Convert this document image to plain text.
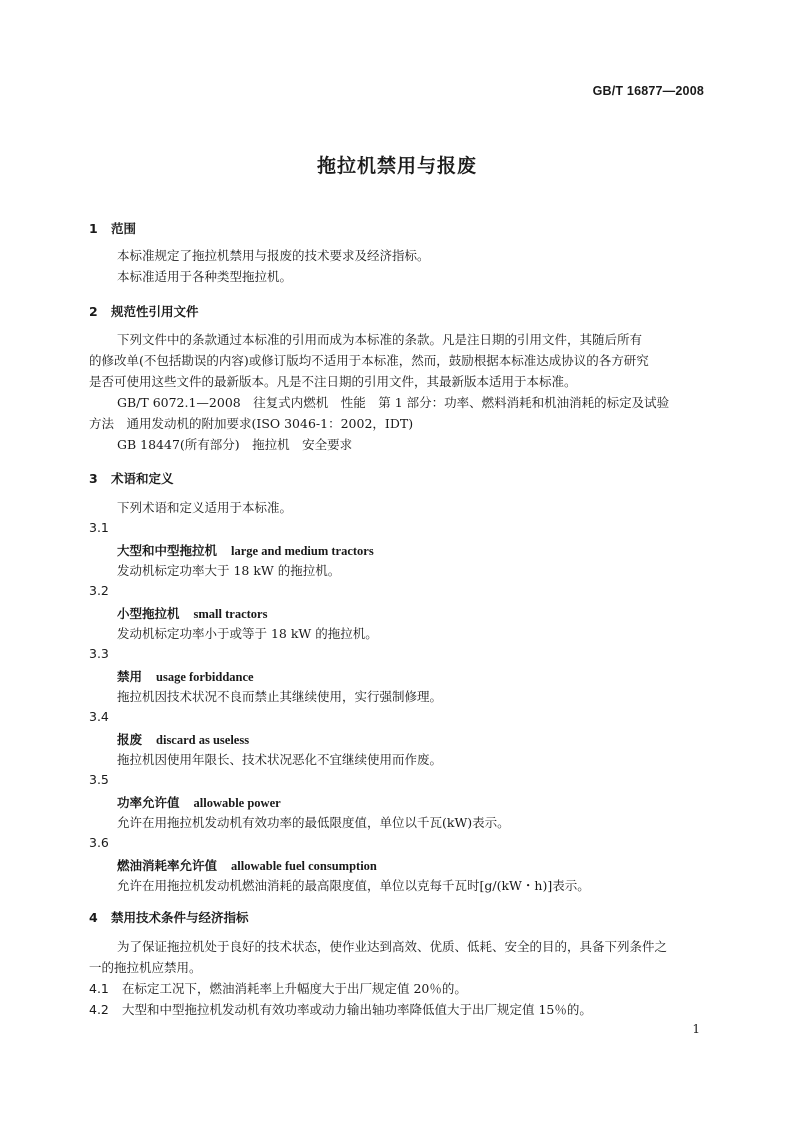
GB/T 16877—2008
拖拉机禁用与报废
1 范围
本标准规定了拖拉机禁用与报废的技术要求及经济指标。
本标准适用于各种类型拖拉机。
2 规范性引用文件
下列文件中的条款通过本标准的引用而成为本标准的条款。凡是注日期的引用文件，其随后所有
的修改单(不包括勘误的内容)或修订版均不适用于本标准，然而，鼓励根据本标准达成协议的各方研究
是否可使用这些文件的最新版本。凡是不注日期的引用文件，其最新版本适用于本标准。
GB/T 6072.1—2008　往复式内燃机　性能　第 1 部分：功率、燃料消耗和机油消耗的标定及试验
方法　通用发动机的附加要求(ISO 3046-1：2002，IDT)
GB 18447(所有部分)　拖拉机　安全要求
3 术语和定义
下列术语和定义适用于本标准。
3.1
大型和中型拖拉机 large and medium tractors
发动机标定功率大于 18 kW 的拖拉机。
3.2
小型拖拉机 small tractors
发动机标定功率小于或等于 18 kW 的拖拉机。
3.3
禁用 usage forbiddance
拖拉机因技术状况不良而禁止其继续使用，实行强制修理。
3.4
报废 discard as useless
拖拉机因使用年限长、技术状况恶化不宜继续使用而作废。
3.5
功率允许值 allowable power
允许在用拖拉机发动机有效功率的最低限度值，单位以千瓦(kW)表示。
3.6
燃油消耗率允许值 allowable fuel consumption
允许在用拖拉机发动机燃油消耗的最高限度值，单位以克每千瓦时[g/(kW・h)]表示。
4 禁用技术条件与经济指标
为了保证拖拉机处于良好的技术状态，使作业达到高效、优质、低耗、安全的目的，具备下列条件之
一的拖拉机应禁用。
4.1 在标定工况下，燃油消耗率上升幅度大于出厂规定值 20％的。
4.2 大型和中型拖拉机发动机有效功率或动力输出轴功率降低值大于出厂规定值 15％的。
1
